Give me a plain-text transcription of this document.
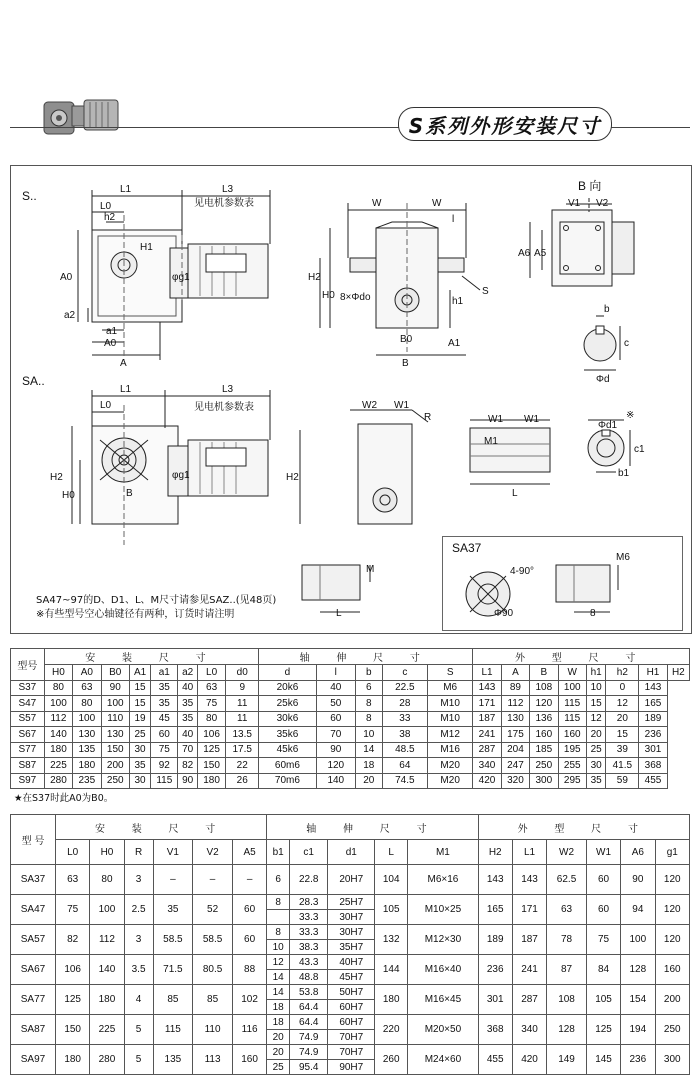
S系列外形安装尺寸
S..
SA..
B 向
见电机参数表
见电机参数表
L1	L3
L0
h2
H1
A0	φg1
a2
a1
A0
A
W	W
l
H2
H0 8×Φdo	h1
S
B0
B
A1
V1 V2
A6 A5
b
c
Φd
L1	L3
L0
H2
H0	B
φg1	H2
W2 W1
R	W1 W1
M1
L
Φd1
※
c1
b1
M
L
SA37
4-90°
Φ90
M6
8
SA47~97的D、D1、L、M尺寸请参见SAZ..(见48页)
※有些型号空心轴键径有两种，订货时请注明
型号	安 装 尺 寸								轴 伸 尺 寸					外 型 尺 寸							
	H0	A0	B0	A1	a1	a2	L0	d0	d	l	b	c	S	L1	A	B	W	h1	h2	H1	H2
S37	80	63	90	15	35	40	63	9	20k6	40	6	22.5	M6	143	89	108	100	10	0	143	
S47	100	80	100	15	35	35	75	11	25k6	50	8	28	M10	171	112	120	115	15	12	165	
S57	112	100	110	19	45	35	80	11	30k6	60	8	33	M10	187	130	136	115	12	20	189	
S67	140	130	130	25	60	40	106	13.5	35k6	70	10	38	M12	241	175	160	160	20	15	236	
S77	180	135	150	30	75	70	125	17.5	45k6	90	14	48.5	M16	287	204	185	195	25	39	301	
S87	225	180	200	35	92	82	150	22	60m6	120	18	64	M20	340	247	250	255	30	41.5	368	
S97	280	235	250	30	115	90	180	26	70m6	140	20	74.5	M20	420	320	300	295	35	59	455	
★在S37时此A0为B0。
型 号	安 装 尺 寸						轴 伸 尺 寸					外 型 尺 寸					
	L0	H0	R	V1	V2	A5	b1	c1	d1	L	M1	H2	L1	W2	W1	A6	g1
SA37	63	80	3	–	–	–	6	22.8	20H7	104	M6×16	143	143	62.5	60	90	120
SA47	75	100	2.5	35	52	60	8	28.3	25H7	105	M10×25	165	171	63	60	94	120
								33.3	30H7								
SA57	82	112	3	58.5	58.5	60	8	33.3	30H7	132	M12×30	189	187	78	75	100	120
							10	38.3	35H7								
SA67	106	140	3.5	71.5	80.5	88	12	43.3	40H7	144	M16×40	236	241	87	84	128	160
							14	48.8	45H7								
SA77	125	180	4	85	85	102	14	53.8	50H7	180	M16×45	301	287	108	105	154	200
							18	64.4	60H7								
SA87	150	225	5	115	110	116	18	64.4	60H7	220	M20×50	368	340	128	125	194	250
							20	74.9	70H7								
SA97	180	280	5	135	113	160	20	74.9	70H7	260	M24×60	455	420	149	145	236	300
							25	95.4	90H7								
